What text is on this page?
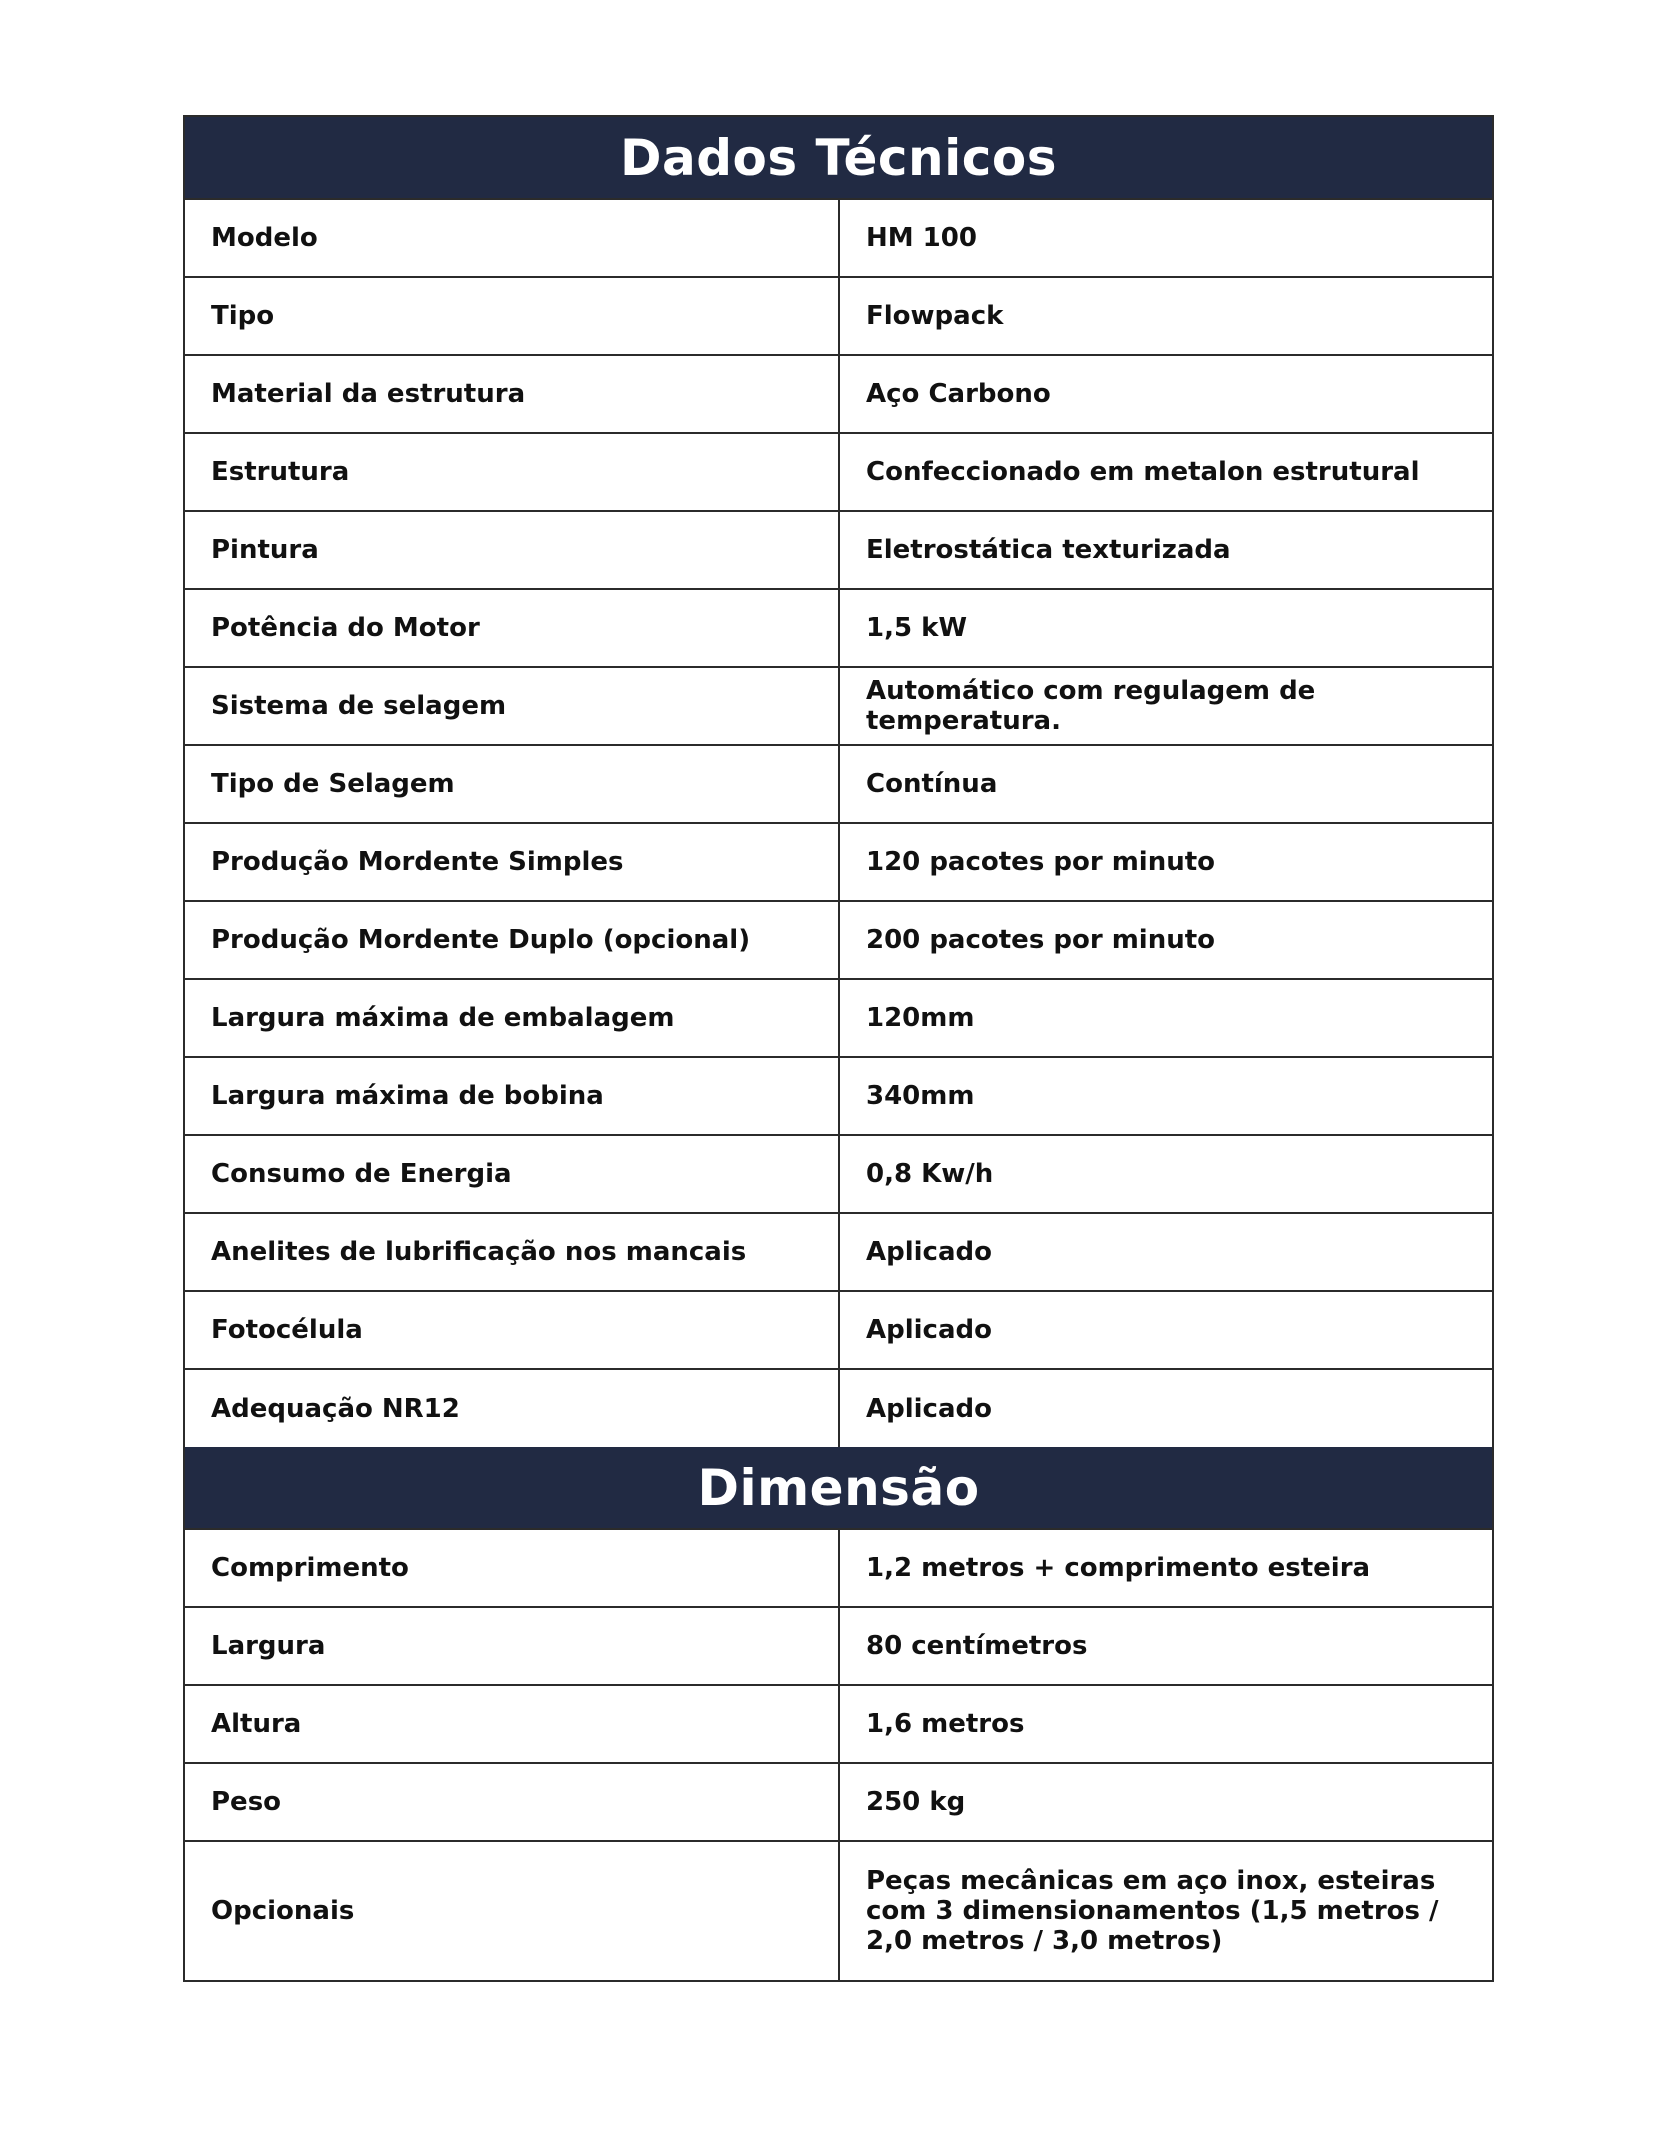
Dados Técnicos
Modelo	HM 100
Tipo	Flowpack
Material da estrutura	Aço Carbono
Estrutura	Confeccionado em metalon estrutural
Pintura	Eletrostática texturizada
Potência do Motor	1,5 kW
Sistema de selagem	Automático com regulagem de temperatura.
Tipo de Selagem	Contínua
Produção Mordente Simples	120 pacotes por minuto
Produção Mordente Duplo (opcional)	200 pacotes por minuto
Largura máxima de embalagem	120mm
Largura máxima de bobina	340mm
Consumo de Energia	0,8 Kw/h
Anelites de lubrificação nos mancais	Aplicado
Fotocélula	Aplicado
Adequação NR12	Aplicado
Dimensão
Comprimento	1,2 metros + comprimento esteira
Largura	80 centímetros
Altura	1,6 metros
Peso	250 kg
Opcionais	Peças mecânicas em aço inox, esteiras com 3 dimensionamentos (1,5 metros / 2,0 metros / 3,0 metros)
